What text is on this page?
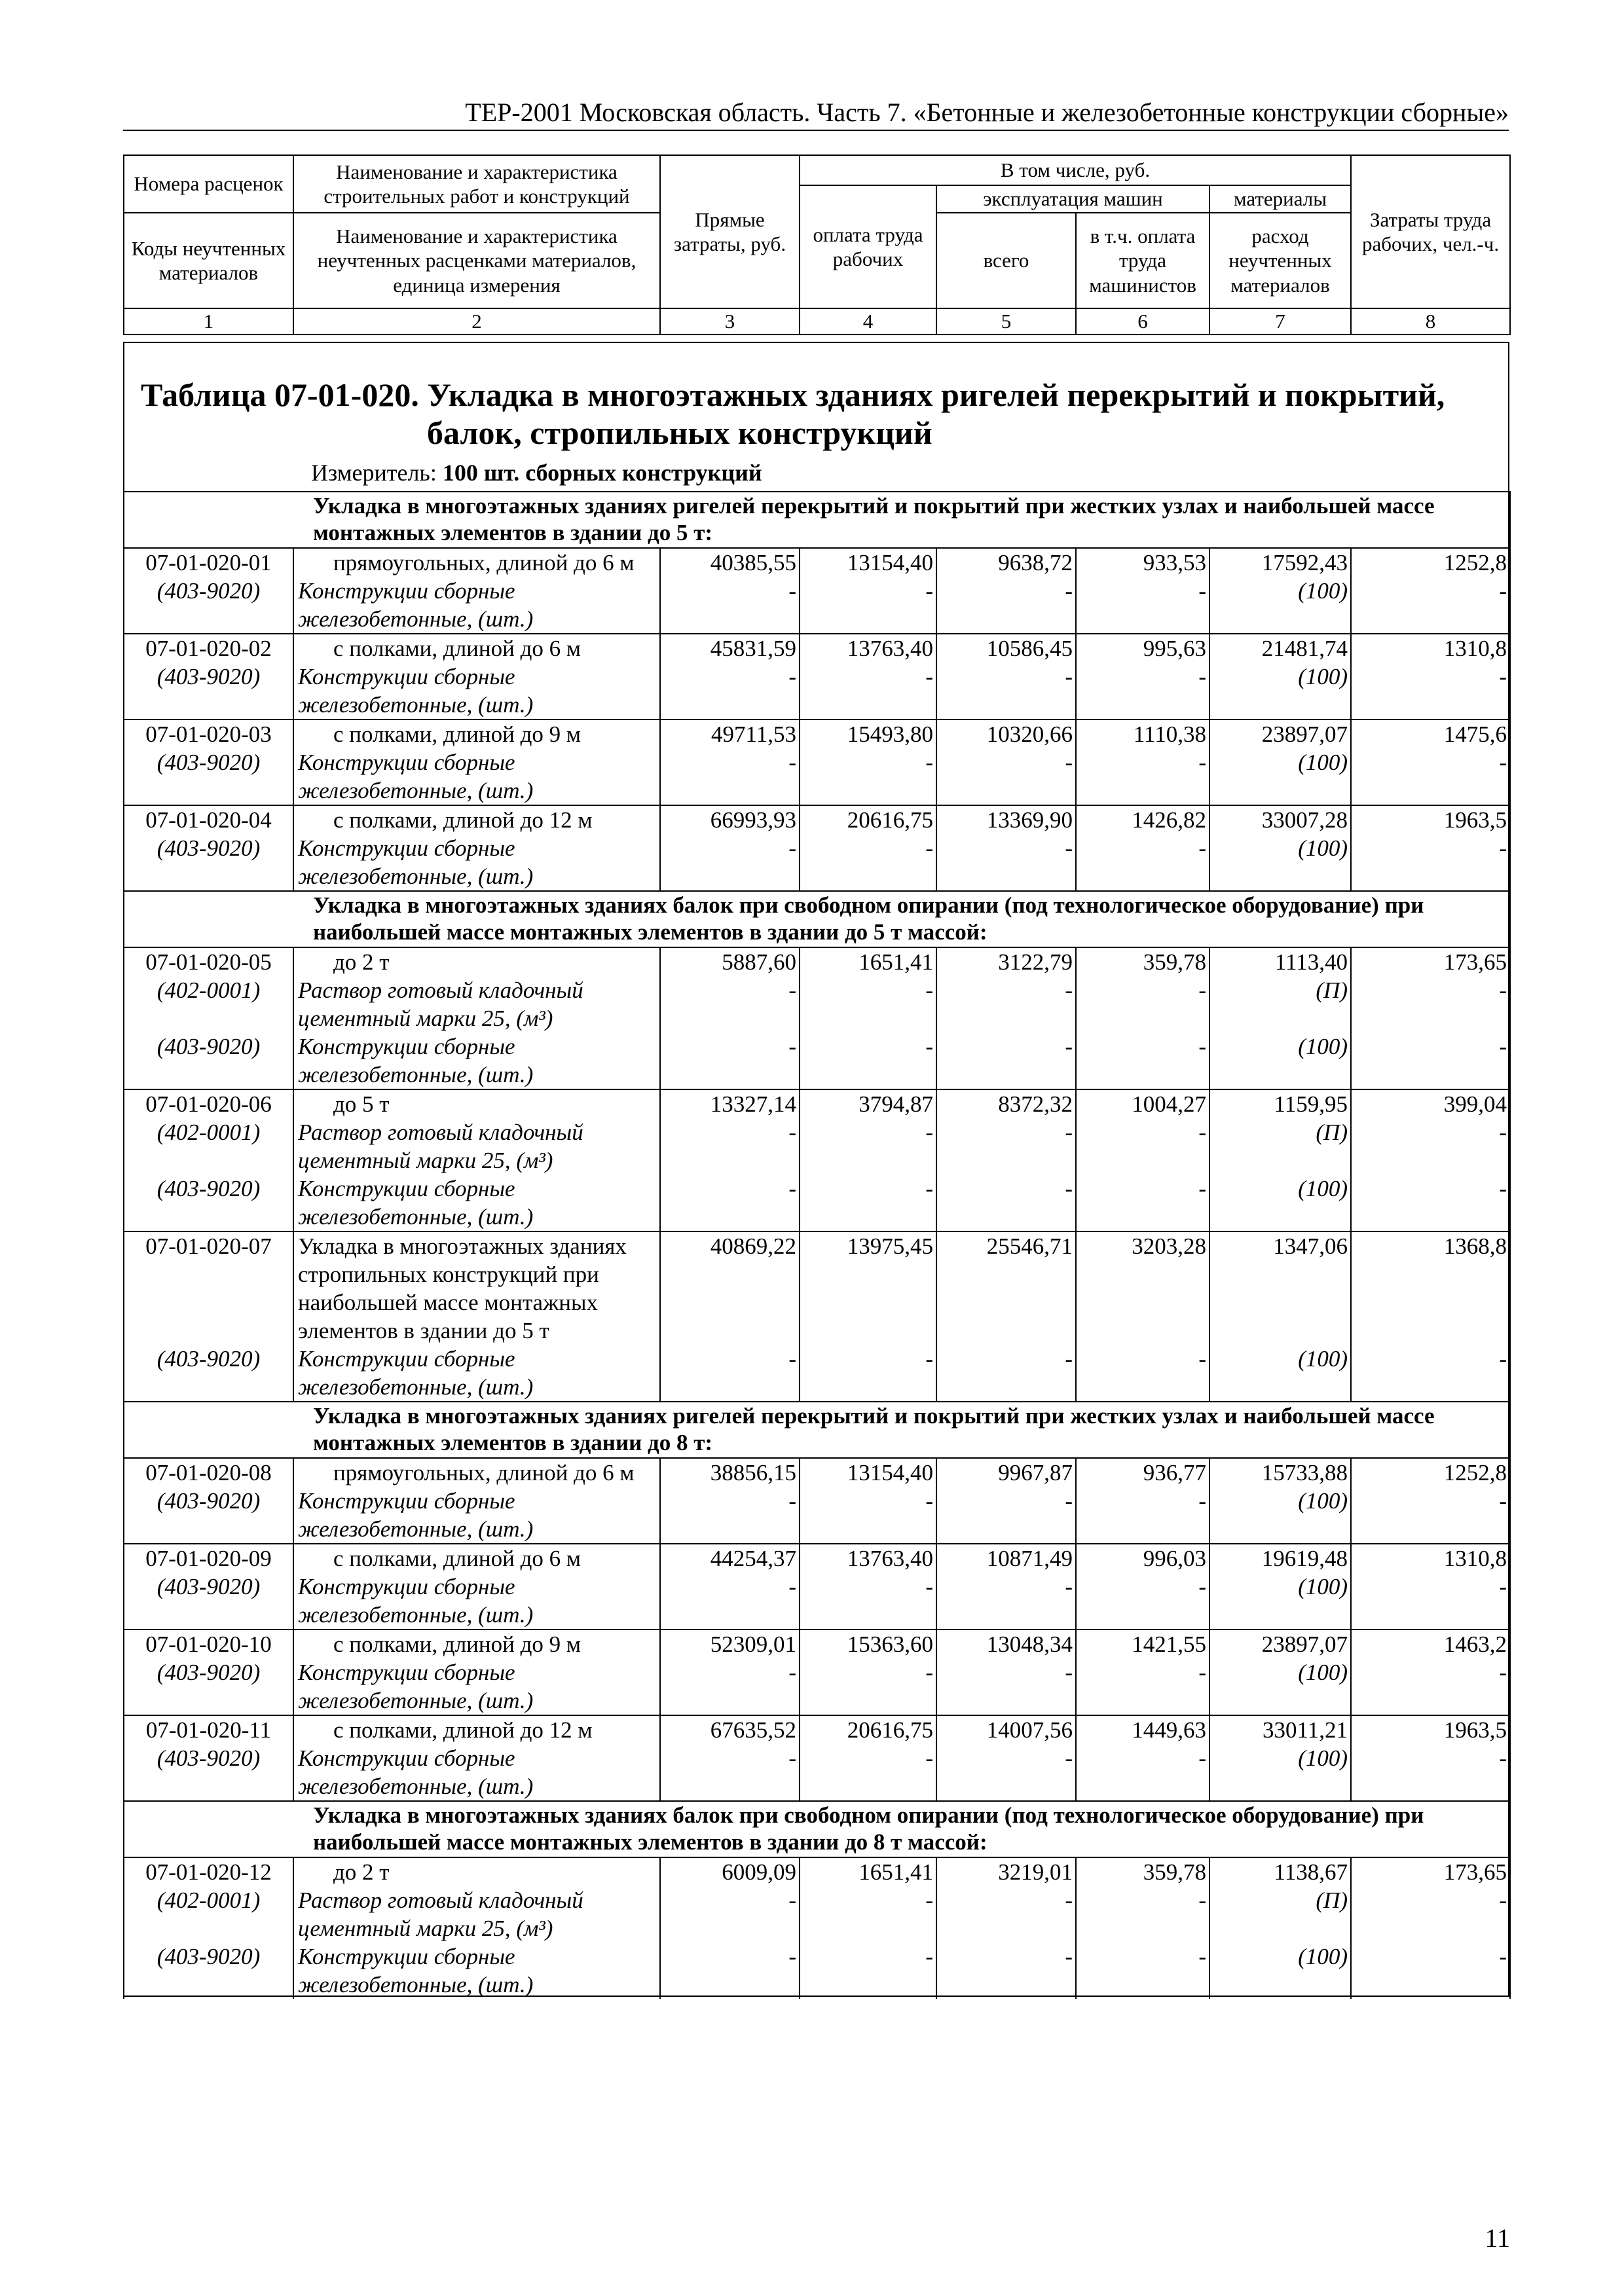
ТЕР-2001 Московская область. Часть 7. «Бетонные и железобетонные конструкции сборные»
Номера расценок	Наименование и характеристика строительных работ и конструкций	Прямые затраты, руб.	В том числе, руб.				Затраты труда рабочих, чел.-ч.
			оплата труда рабочих	эксплуатация машин		материалы	
Коды неучтенных материалов	Наименование и характеристика неучтенных расценками материалов, единица измерения			всего	в т.ч. оплата труда машинистов	расход неучтенных материалов	

1	2	3	4	5	6	7	8
Таблица 07-01-020. Укладка в многоэтажных зданиях ригелей перекрытий и покрытий,
балок, стропильных конструкций
Измеритель: 100 шт. сборных конструкций
Укладка в многоэтажных зданиях ригелей перекрытий и покрытий при жестких узлах и наибольшей массе монтажных элементов в здании до 5 т:							
07-01-020-01	прямоугольных, длиной до 6 м	40385,55	13154,40	9638,72	933,53	17592,43	1252,8
(403-9020)	Конструкции сборные	-	-	-	-	(100)	-
	железобетонные, (шт.)						
07-01-020-02	с полками, длиной до 6 м	45831,59	13763,40	10586,45	995,63	21481,74	1310,8
(403-9020)	Конструкции сборные	-	-	-	-	(100)	-
	железобетонные, (шт.)						
07-01-020-03	с полками, длиной до 9 м	49711,53	15493,80	10320,66	1110,38	23897,07	1475,6
(403-9020)	Конструкции сборные	-	-	-	-	(100)	-
	железобетонные, (шт.)						
07-01-020-04	с полками, длиной до 12 м	66993,93	20616,75	13369,90	1426,82	33007,28	1963,5
(403-9020)	Конструкции сборные	-	-	-	-	(100)	-
	железобетонные, (шт.)						
Укладка в многоэтажных зданиях балок при свободном опирании (под технологическое оборудование) при наибольшей массе монтажных элементов в здании до 5 т массой:							
07-01-020-05	до 2 т	5887,60	1651,41	3122,79	359,78	1113,40	173,65
(402-0001)	Раствор готовый кладочный	-	-	-	-	(П)	-
	цементный марки 25, (м³)						
(403-9020)	Конструкции сборные	-	-	-	-	(100)	-
	железобетонные, (шт.)						
07-01-020-06	до 5 т	13327,14	3794,87	8372,32	1004,27	1159,95	399,04
(402-0001)	Раствор готовый кладочный	-	-	-	-	(П)	-
	цементный марки 25, (м³)						
(403-9020)	Конструкции сборные	-	-	-	-	(100)	-
	железобетонные, (шт.)						
07-01-020-07	Укладка в многоэтажных зданиях	40869,22	13975,45	25546,71	3203,28	1347,06	1368,8
	стропильных конструкций при						
	наибольшей массе монтажных						
	элементов в здании до 5 т						
(403-9020)	Конструкции сборные	-	-	-	-	(100)	-
	железобетонные, (шт.)						
Укладка в многоэтажных зданиях ригелей перекрытий и покрытий при жестких узлах и наибольшей массе монтажных элементов в здании до 8 т:							
07-01-020-08	прямоугольных, длиной до 6 м	38856,15	13154,40	9967,87	936,77	15733,88	1252,8
(403-9020)	Конструкции сборные	-	-	-	-	(100)	-
	железобетонные, (шт.)						
07-01-020-09	с полками, длиной до 6 м	44254,37	13763,40	10871,49	996,03	19619,48	1310,8
(403-9020)	Конструкции сборные	-	-	-	-	(100)	-
	железобетонные, (шт.)						
07-01-020-10	с полками, длиной до 9 м	52309,01	15363,60	13048,34	1421,55	23897,07	1463,2
(403-9020)	Конструкции сборные	-	-	-	-	(100)	-
	железобетонные, (шт.)						
07-01-020-11	с полками, длиной до 12 м	67635,52	20616,75	14007,56	1449,63	33011,21	1963,5
(403-9020)	Конструкции сборные	-	-	-	-	(100)	-
	железобетонные, (шт.)						
Укладка в многоэтажных зданиях балок при свободном опирании (под технологическое оборудование) при наибольшей массе монтажных элементов в здании до 8 т массой:							
07-01-020-12	до 2 т	6009,09	1651,41	3219,01	359,78	1138,67	173,65
(402-0001)	Раствор готовый кладочный	-	-	-	-	(П)	-
	цементный марки 25, (м³)						
(403-9020)	Конструкции сборные	-	-	-	-	(100)	-
	железобетонные, (шт.)						
11
